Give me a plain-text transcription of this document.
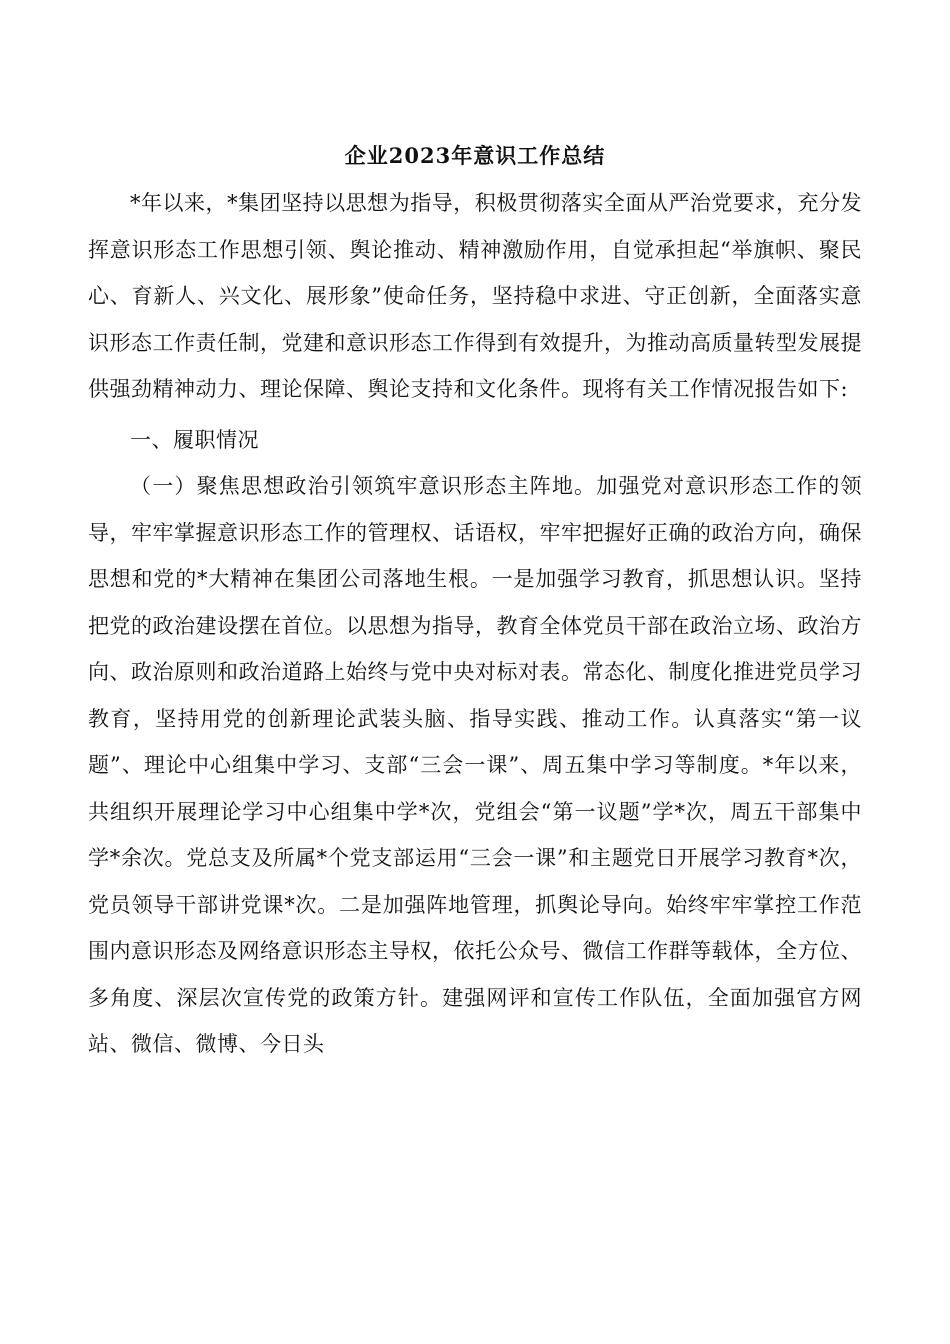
企业2023年意识工作总结

*年以来，*集团坚持以思想为指导，积极贯彻落实全面从严治党要求，充分发挥意识形态工作思想引领、舆论推动、精神激励作用，自觉承担起“举旗帜、聚民心、育新人、兴文化、展形象”使命任务，坚持稳中求进、守正创新，全面落实意识形态工作责任制，党建和意识形态工作得到有效提升，为推动高质量转型发展提供强劲精神动力、理论保障、舆论支持和文化条件。现将有关工作情况报告如下:

一、履职情况

（一）聚焦思想政治引领筑牢意识形态主阵地。加强党对意识形态工作的领导，牢牢掌握意识形态工作的管理权、话语权，牢牢把握好正确的政治方向，确保思想和党的*大精神在集团公司落地生根。一是加强学习教育，抓思想认识。坚持把党的政治建设摆在首位。以思想为指导，教育全体党员干部在政治立场、政治方向、政治原则和政治道路上始终与党中央对标对表。常态化、制度化推进党员学习教育，坚持用党的创新理论武装头脑、指导实践、推动工作。认真落实“第一议题”、理论中心组集中学习、支部“三会一课”、周五集中学习等制度。*年以来，共组织开展理论学习中心组集中学*次，党组会“第一议题”学*次，周五干部集中学*余次。党总支及所属*个党支部运用“三会一课”和主题党日开展学习教育*次，党员领导干部讲党课*次。二是加强阵地管理，抓舆论导向。始终牢牢掌控工作范围内意识形态及网络意识形态主导权，依托公众号、微信工作群等载体，全方位、多角度、深层次宣传党的政策方针。建强网评和宣传工作队伍，全面加强官方网站、微信、微博、今日头
